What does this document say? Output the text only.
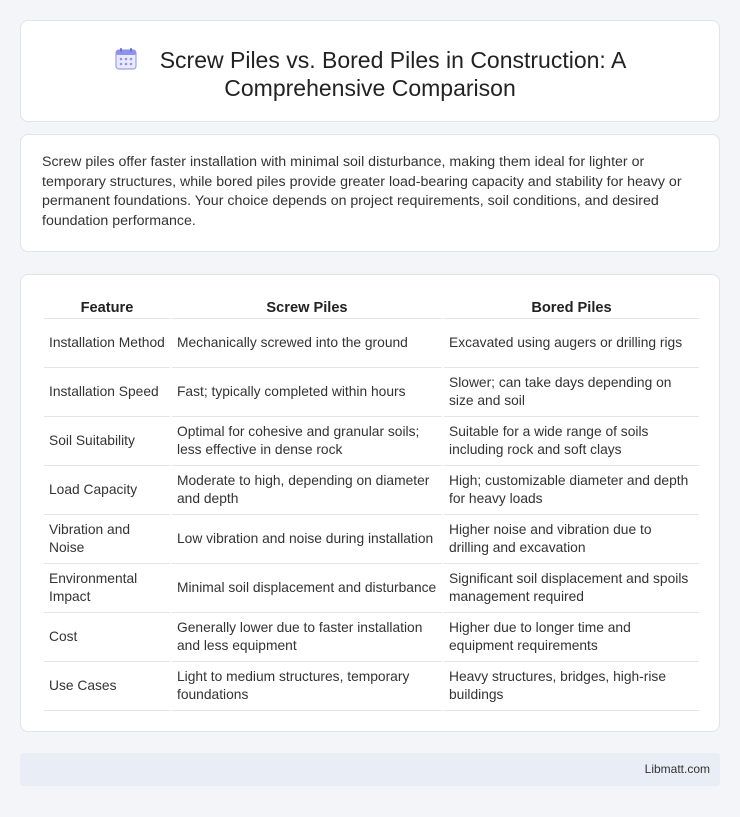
Screw Piles vs. Bored Piles in Construction: A
Comprehensive Comparison

Screw piles offer faster installation with minimal soil disturbance, making them ideal for lighter or temporary structures, while bored piles provide greater load-bearing capacity and stability for heavy or permanent foundations. Your choice depends on project requirements, soil conditions, and desired foundation performance.

Feature	Screw Piles	Bored Piles
Installation Method	Mechanically screwed into the ground	Excavated using augers or drilling rigs
Installation Speed	Fast; typically completed within hours	Slower; can take days depending on size and soil
Soil Suitability	Optimal for cohesive and granular soils; less effective in dense rock	Suitable for a wide range of soils including rock and soft clays
Load Capacity	Moderate to high, depending on diameter and depth	High; customizable diameter and depth for heavy loads
Vibration and Noise	Low vibration and noise during installation	Higher noise and vibration due to drilling and excavation
Environmental Impact	Minimal soil displacement and disturbance	Significant soil displacement and spoils management required
Cost	Generally lower due to faster installation and less equipment	Higher due to longer time and equipment requirements
Use Cases	Light to medium structures, temporary foundations	Heavy structures, bridges, high-rise buildings
Libmatt.com
